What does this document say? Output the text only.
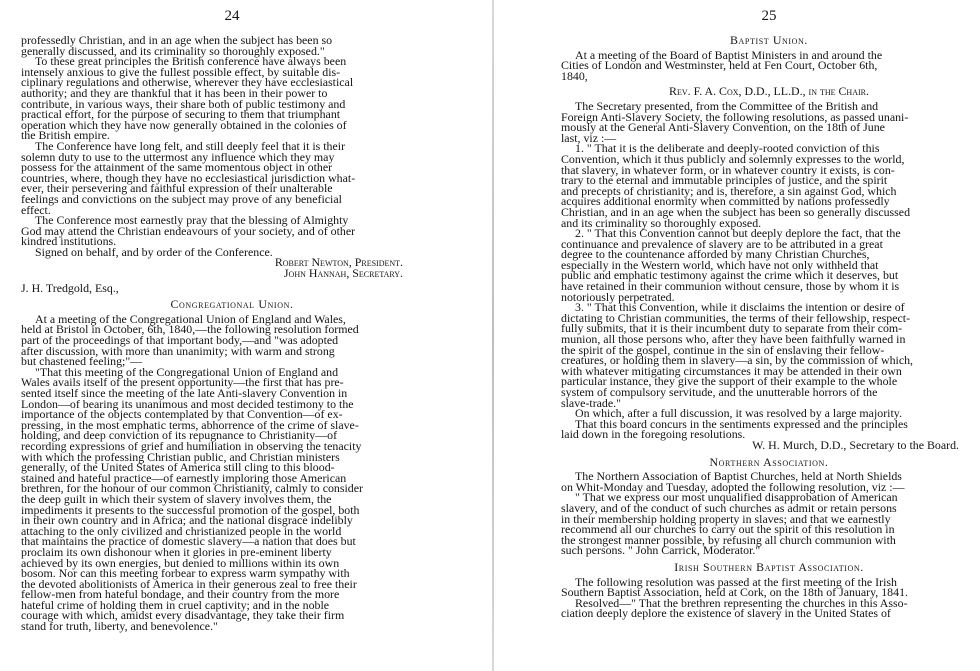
24

professedly Christian, and in an age when the subject has been so

generally discussed, and its criminality so thoroughly exposed."

To these great principles the British conference have always been

intensely anxious to give the fullest possible effect, by suitable dis-

ciplinary regulations and otherwise, wherever they have ecclesiastical

authority; and they are thankful that it has been in their power to

contribute, in various ways, their share both of public testimony and

practical effort, for the purpose of securing to them that triumphant

operation which they have now generally obtained in the colonies of

the British empire.

The Conference have long felt, and still deeply feel that it is their

solemn duty to use to the uttermost any influence which they may

possess for the attainment of the same momentous object in other

countries, where, though they have no ecclesiastical jurisdiction what-

ever, their persevering and faithful expression of their unalterable

feelings and convictions on the subject may prove of any beneficial

effect.

The Conference most earnestly pray that the blessing of Almighty

God may attend the Christian endeavours of your society, and of other

kindred institutions.

Signed on behalf, and by order of the Conference.

Robert Newton, President.

John Hannah, Secretary.

J. H. Tredgold, Esq.,

Congregational Union.

At a meeting of the Congregational Union of England and Wales,

held at Bristol in October, 6th, 1840,—the following resolution formed

part of the proceedings of that important body,—and "was adopted

after discussion, with more than unanimity; with warm and strong

but chastened feeling;"—

"That this meeting of the Congregational Union of England and

Wales avails itself of the present opportunity—the first that has pre-

sented itself since the meeting of the late Anti-slavery Convention in

London—of bearing its unanimous and most decided testimony to the

importance of the objects contemplated by that Convention—of ex-

pressing, in the most emphatic terms, abhorrence of the crime of slave-

holding, and deep conviction of its repugnance to Christianity—of

recording expressions of grief and humiliation in observing the tenacity

with which the professing Christian public, and Christian ministers

generally, of the United States of America still cling to this blood-

stained and hateful practice—of earnestly imploring those American

brethren, for the honour of our common Christianity, calmly to consider

the deep guilt in which their system of slavery involves them, the

impediments it presents to the successful promotion of the gospel, both

in their own country and in Africa; and the national disgrace indelibly

attaching to the only civilized and christianized people in the world

that maintains the practice of domestic slavery—a nation that does but

proclaim its own dishonour when it glories in pre-eminent liberty

achieved by its own energies, but denied to millions within its own

bosom. Nor can this meeting forbear to express warm sympathy with

the devoted abolitionists of America in their generous zeal to free their

fellow-men from hateful bondage, and their country from the more

hateful crime of holding them in cruel captivity; and in the noble

courage with which, amidst every disadvantage, they take their firm

stand for truth, liberty, and benevolence."

25

Baptist Union.

At a meeting of the Board of Baptist Ministers in and around the

Cities of London and Westminster, held at Fen Court, October 6th,

1840,

Rev. F. A. Cox, D.D., LL.D., in the Chair.

The Secretary presented, from the Committee of the British and

Foreign Anti-Slavery Society, the following resolutions, as passed unani-

mously at the General Anti-Slavery Convention, on the 18th of June

last, viz :—

1. " That it is the deliberate and deeply-rooted conviction of this

Convention, which it thus publicly and solemnly expresses to the world,

that slavery, in whatever form, or in whatever country it exists, is con-

trary to the eternal and immutable principles of justice, and the spirit

and precepts of christianity; and is, therefore, a sin against God, which

acquires additional enormity when committed by nations professedly

Christian, and in an age when the subject has been so generally discussed

and its criminality so thoroughly exposed.

2. " That this Convention cannot but deeply deplore the fact, that the

continuance and prevalence of slavery are to be attributed in a great

degree to the countenance afforded by many Christian Churches,

especially in the Western world, which have not only withheld that

public and emphatic testimony against the crime which it deserves, but

have retained in their communion without censure, those by whom it is

notoriously perpetrated.

3. " That this Convention, while it disclaims the intention or desire of

dictating to Christian communities, the terms of their fellowship, respect-

fully submits, that it is their incumbent duty to separate from their com-

munion, all those persons who, after they have been faithfully warned in

the spirit of the gospel, continue in the sin of enslaving their fellow-

creatures, or holding them in slavery—a sin, by the commission of which,

with whatever mitigating circumstances it may be attended in their own

particular instance, they give the support of their example to the whole

system of compulsory servitude, and the unutterable horrors of the

slave-trade."

On which, after a full discussion, it was resolved by a large majority.

That this board concurs in the sentiments expressed and the principles

laid down in the foregoing resolutions.

W. H. Murch, D.D., Secretary to the Board.

Northern Association.

The Northern Association of Baptist Churches, held at North Shields

on Whit-Monday and Tuesday, adopted the following resolution, viz :—

" That we express our most unqualified disapprobation of American

slavery, and of the conduct of such churches as admit or retain persons

in their membership holding property in slaves; and that we earnestly

recommend all our churches to carry out the spirit of this resolution in

the strongest manner possible, by refusing all church communion with

such persons. " John Carrick, Moderator."

Irish Southern Baptist Association.

The following resolution was passed at the first meeting of the Irish

Southern Baptist Association, held at Cork, on the 18th of January, 1841.

Resolved—" That the brethren representing the churches in this Asso-

ciation deeply deplore the existence of slavery in the United States of
